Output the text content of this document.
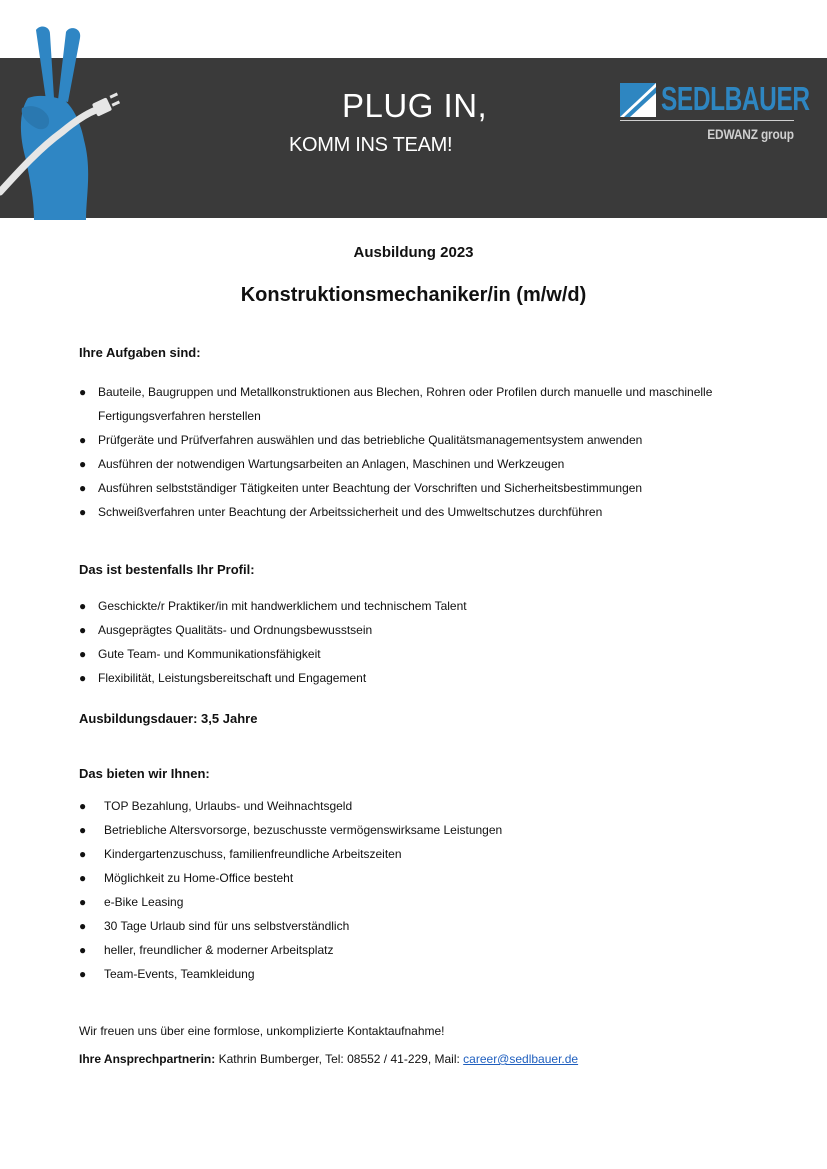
PLUG IN,
KOMM INS TEAM!
SEDLBAUER
EDWANZ group
Ausbildung 2023
Konstruktionsmechaniker/in (m/w/d)
Ihre Aufgaben sind:
● Bauteile, Baugruppen und Metallkonstruktionen aus Blechen, Rohren oder Profilen durch manuelle und maschinelle Fertigungsverfahren herstellen
● Prüfgeräte und Prüfverfahren auswählen und das betriebliche Qualitätsmanagementsystem anwenden
● Ausführen der notwendigen Wartungsarbeiten an Anlagen, Maschinen und Werkzeugen
● Ausführen selbstständiger Tätigkeiten unter Beachtung der Vorschriften und Sicherheitsbestimmungen
● Schweißverfahren unter Beachtung der Arbeitssicherheit und des Umweltschutzes durchführen
Das ist bestenfalls Ihr Profil:
● Geschickte/r Praktiker/in mit handwerklichem und technischem Talent
● Ausgeprägtes Qualitäts- und Ordnungsbewusstsein
● Gute Team- und Kommunikationsfähigkeit
● Flexibilität, Leistungsbereitschaft und Engagement
Ausbildungsdauer: 3,5 Jahre
Das bieten wir Ihnen:
● TOP Bezahlung, Urlaubs- und Weihnachtsgeld
● Betriebliche Altersvorsorge, bezuschusste vermögenswirksame Leistungen
● Kindergartenzuschuss, familienfreundliche Arbeitszeiten
● Möglichkeit zu Home-Office besteht
● e-Bike Leasing
● 30 Tage Urlaub sind für uns selbstverständlich
● heller, freundlicher & moderner Arbeitsplatz
● Team-Events, Teamkleidung
Wir freuen uns über eine formlose, unkomplizierte Kontaktaufnahme!
Ihre Ansprechpartnerin: Kathrin Bumberger, Tel: 08552 / 41-229, Mail: career@sedlbauer.de
